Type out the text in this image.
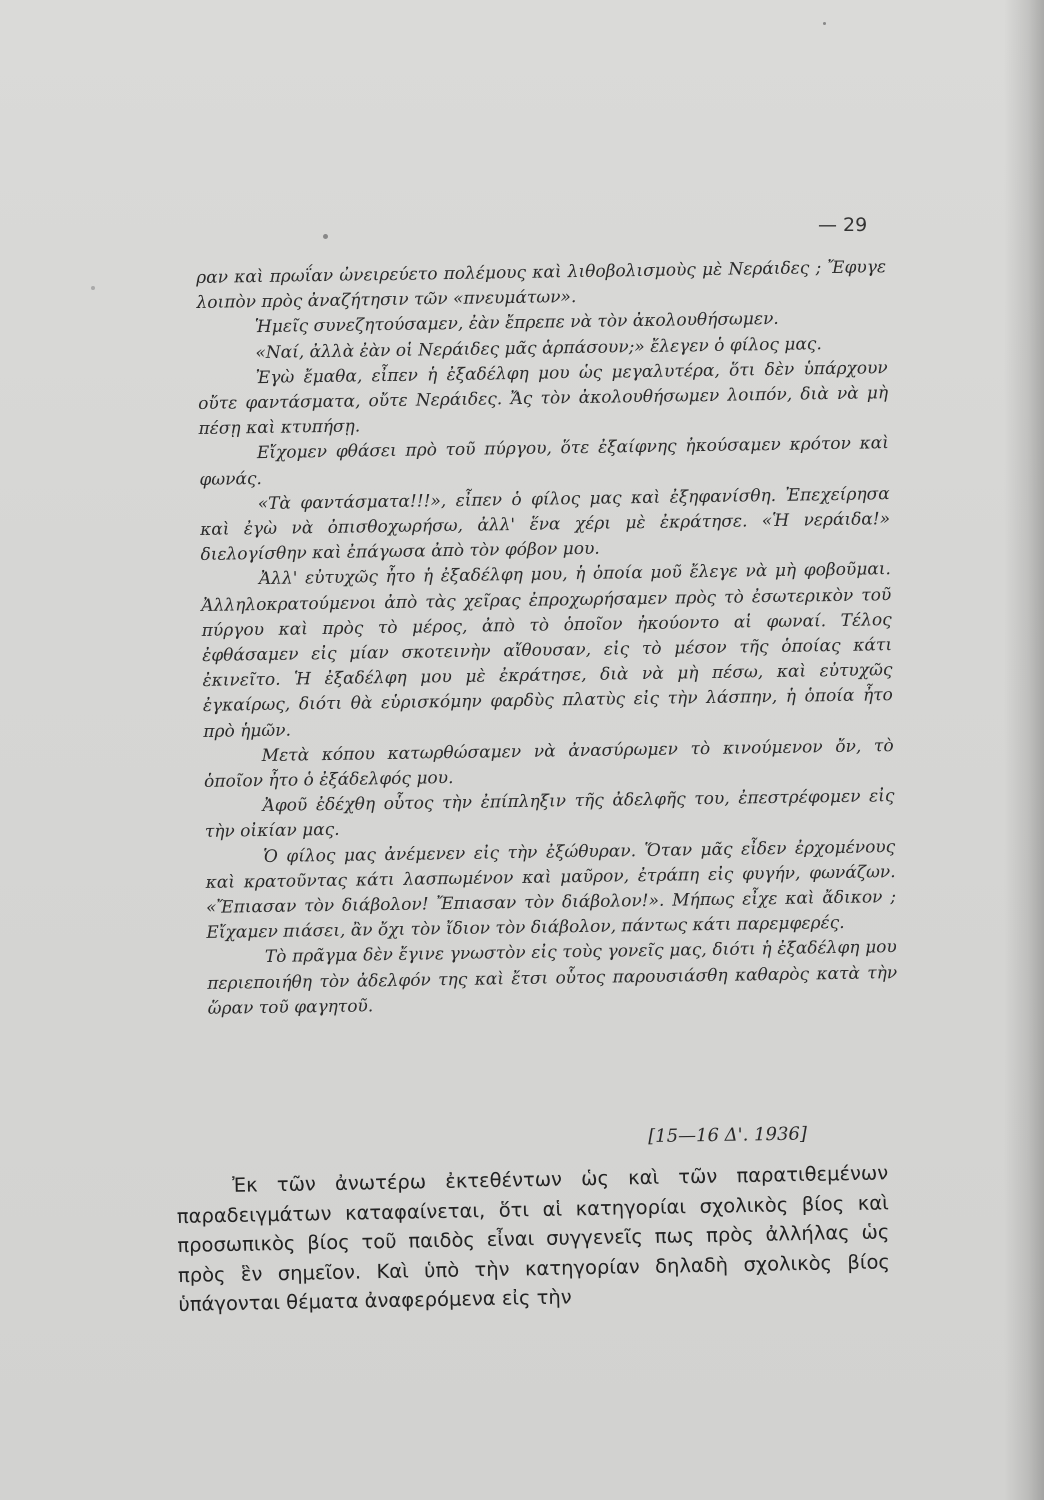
— 29

ραν καὶ πρωΐαν ὠνειρεύετο πολέμους καὶ λιθοβολισμοὺς μὲ Νεράιδες ; Ἔφυγε λοιπὸν πρὸς ἀναζήτησιν τῶν «πνευμάτων».

Ἡμεῖς συνεζητούσαμεν, ἐὰν ἔπρεπε νὰ τὸν ἀκολουθήσωμεν.

«Ναί, ἀλλὰ ἐὰν οἱ Νεράιδες μᾶς ἁρπάσουν;» ἔλεγεν ὁ φίλος μας.

Ἐγὼ ἔμαθα, εἶπεν ἡ ἐξαδέλφη μου ὡς μεγαλυτέρα, ὅτι δὲν ὑπάρχουν οὔτε φαντάσματα, οὔτε Νεράιδες. Ἄς τὸν ἀκολουθήσωμεν λοιπόν, διὰ νὰ μὴ πέσῃ καὶ κτυπήσῃ.

Εἴχομεν φθάσει πρὸ τοῦ πύργου, ὅτε ἐξαίφνης ἠκούσαμεν κρότον καὶ φωνάς.

«Τὰ φαντάσματα!!!», εἶπεν ὁ φίλος μας καὶ ἐξηφανίσθη. Ἐπεχείρησα καὶ ἐγὼ νὰ ὀπισθοχωρήσω, ἀλλ' ἕνα χέρι μὲ ἐκράτησε. «Ἡ νεράιδα!» διελογίσθην καὶ ἐπάγωσα ἀπὸ τὸν φόβον μου.

Ἀλλ' εὐτυχῶς ἦτο ἡ ἐξαδέλφη μου, ἡ ὁποία μοῦ ἔλεγε νὰ μὴ φοβοῦμαι. Ἀλληλοκρατούμενοι ἀπὸ τὰς χεῖρας ἐπροχωρήσαμεν πρὸς τὸ ἐσωτερικὸν τοῦ πύργου καὶ πρὸς τὸ μέρος, ἀπὸ τὸ ὁποῖον ἠκούοντο αἱ φωναί. Τέλος ἐφθάσαμεν εἰς μίαν σκοτεινὴν αἴθουσαν, εἰς τὸ μέσον τῆς ὁποίας κάτι ἐκινεῖτο. Ἡ ἐξαδέλφη μου μὲ ἐκράτησε, διὰ νὰ μὴ πέσω, καὶ εὐτυχῶς ἐγκαίρως, διότι θὰ εὑρισκόμην φαρδὺς πλατὺς εἰς τὴν λάσπην, ἡ ὁποία ἦτο πρὸ ἡμῶν.

Μετὰ κόπου κατωρθώσαμεν νὰ ἀνασύρωμεν τὸ κινούμενον ὄν, τὸ ὁποῖον ἦτο ὁ ἐξάδελφός μου.

Ἀφοῦ ἐδέχθη οὗτος τὴν ἐπίπληξιν τῆς ἀδελφῆς του, ἐπεστρέφομεν εἰς τὴν οἰκίαν μας.

Ὁ φίλος μας ἀνέμενεν εἰς τὴν ἐξώθυραν. Ὅταν μᾶς εἶδεν ἐρχομένους καὶ κρατοῦντας κάτι λασπωμένον καὶ μαῦρον, ἐτράπη εἰς φυγήν, φωνάζων. «Ἔπιασαν τὸν διάβολον! Ἔπιασαν τὸν διάβολον!». Μήπως εἶχε καὶ ἄδικον ; Εἴχαμεν πιάσει, ἂν ὄχι τὸν ἴδιον τὸν διάβολον, πάντως κάτι παρεμφερές.

Τὸ πρᾶγμα δὲν ἔγινε γνωστὸν εἰς τοὺς γονεῖς μας, διότι ἡ ἐξαδέλφη μου περιεποιήθη τὸν ἀδελφόν της καὶ ἔτσι οὗτος παρουσιάσθη καθαρὸς κατὰ τὴν ὥραν τοῦ φαγητοῦ.

[15—16 Δ'. 1936]
Ἐκ τῶν ἀνωτέρω ἐκτεθέντων ὡς καὶ τῶν παρατιθεμένων παραδειγμάτων καταφαίνεται, ὅτι αἱ κατηγορίαι σχολικὸς βίος καὶ προσωπικὸς βίος τοῦ παιδὸς εἶναι συγγενεῖς πως πρὸς ἀλλήλας ὡς πρὸς ἓν σημεῖον. Καὶ ὑπὸ τὴν κατηγορίαν δηλαδὴ σχολικὸς βίος ὑπάγονται θέματα ἀναφερόμενα εἰς τὴν
